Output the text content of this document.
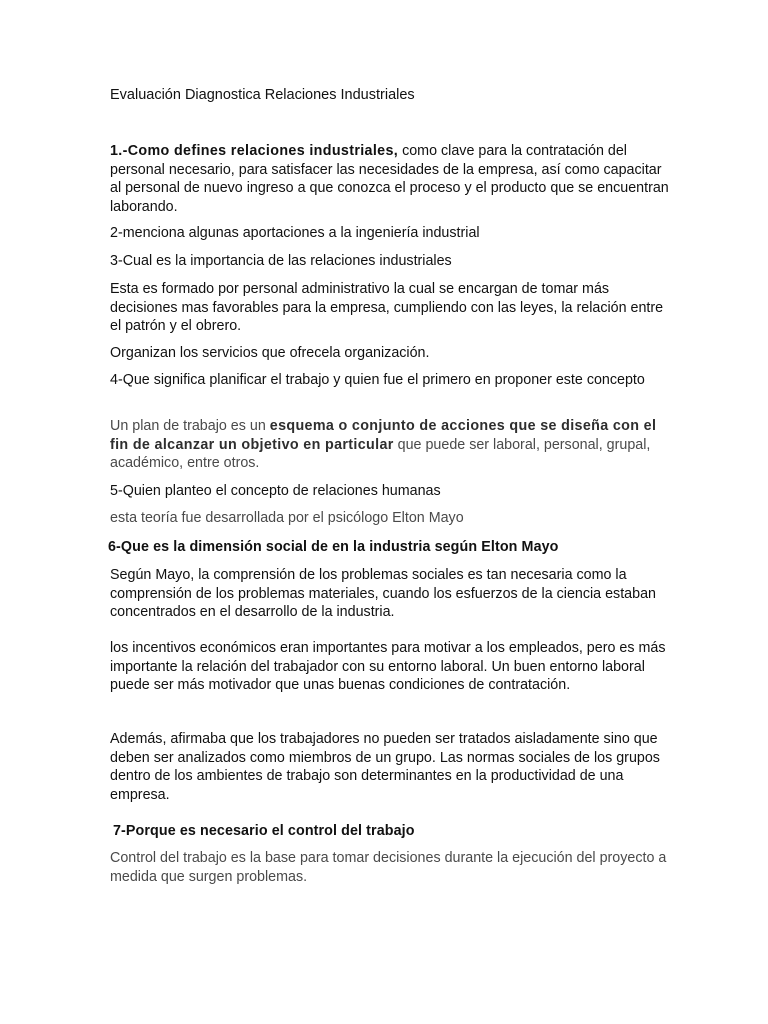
Evaluación Diagnostica Relaciones Industriales

1.-Como defines relaciones industriales, como clave para la contratación del personal necesario, para satisfacer las necesidades de la empresa, así como capacitar al personal de nuevo ingreso a que conozca el proceso y el producto que se encuentran laborando.

2-menciona algunas aportaciones a la ingeniería industrial

3-Cual es la importancia de las relaciones industriales

Esta es formado por personal administrativo la cual se encargan de tomar más decisiones mas favorables para la empresa, cumpliendo con las leyes, la relación entre el patrón y el obrero.

Organizan los servicios que ofrecela organización.

4-Que significa planificar el trabajo y quien fue el primero en proponer este concepto

Un plan de trabajo es un esquema o conjunto de acciones que se diseña con el fin de alcanzar un objetivo en particular que puede ser laboral, personal, grupal, académico, entre otros.

5-Quien planteo el concepto de relaciones humanas

esta teoría fue desarrollada por el psicólogo Elton Mayo

6-Que es la dimensión social de en la industria según Elton Mayo

Según Mayo, la comprensión de los problemas sociales es tan necesaria como la comprensión de los problemas materiales, cuando los esfuerzos de la ciencia estaban concentrados en el desarrollo de la industria.

los incentivos económicos eran importantes para motivar a los empleados, pero es más importante la relación del trabajador con su entorno laboral. Un buen entorno laboral puede ser más motivador que unas buenas condiciones de contratación.

Además, afirmaba que los trabajadores no pueden ser tratados aisladamente sino que deben ser analizados como miembros de un grupo. Las normas sociales de los grupos dentro de los ambientes de trabajo son determinantes en la productividad de una empresa.

7-Porque es necesario el control del trabajo

Control del trabajo es la base para tomar decisiones durante la ejecución del proyecto a medida que surgen problemas.
